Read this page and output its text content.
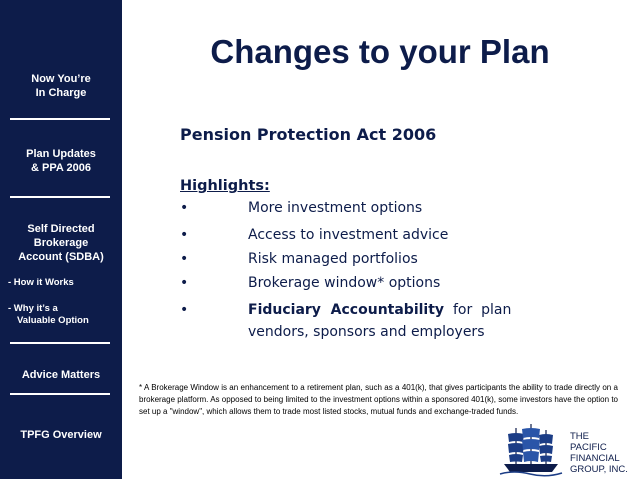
Now You’re
In Charge
Plan Updates
& PPA 2006
Self Directed
Brokerage
Account (SDBA)
- How it Works
- Why it’s a
Valuable Option
Advice Matters
TPFG Overview
Changes to your Plan
Pension Protection Act 2006
Highlights:
•	More investment options
•	Access to investment advice
•	Risk managed portfolios
•	Brokerage window* options
•	Fiduciary  Accountability  for  plan
vendors, sponsors and employers
* A Brokerage Window is an enhancement to a retirement plan, such as a 401(k), that gives participants the ability to trade directly on a brokerage platform. As opposed to being limited to the investment options within a sponsored 401(k), some investors have the option to set up a "window", which allows them to trade most listed stocks, mutual funds and exchange-traded funds.
THE
PACIFIC
FINANCIAL
GROUP, INC.
